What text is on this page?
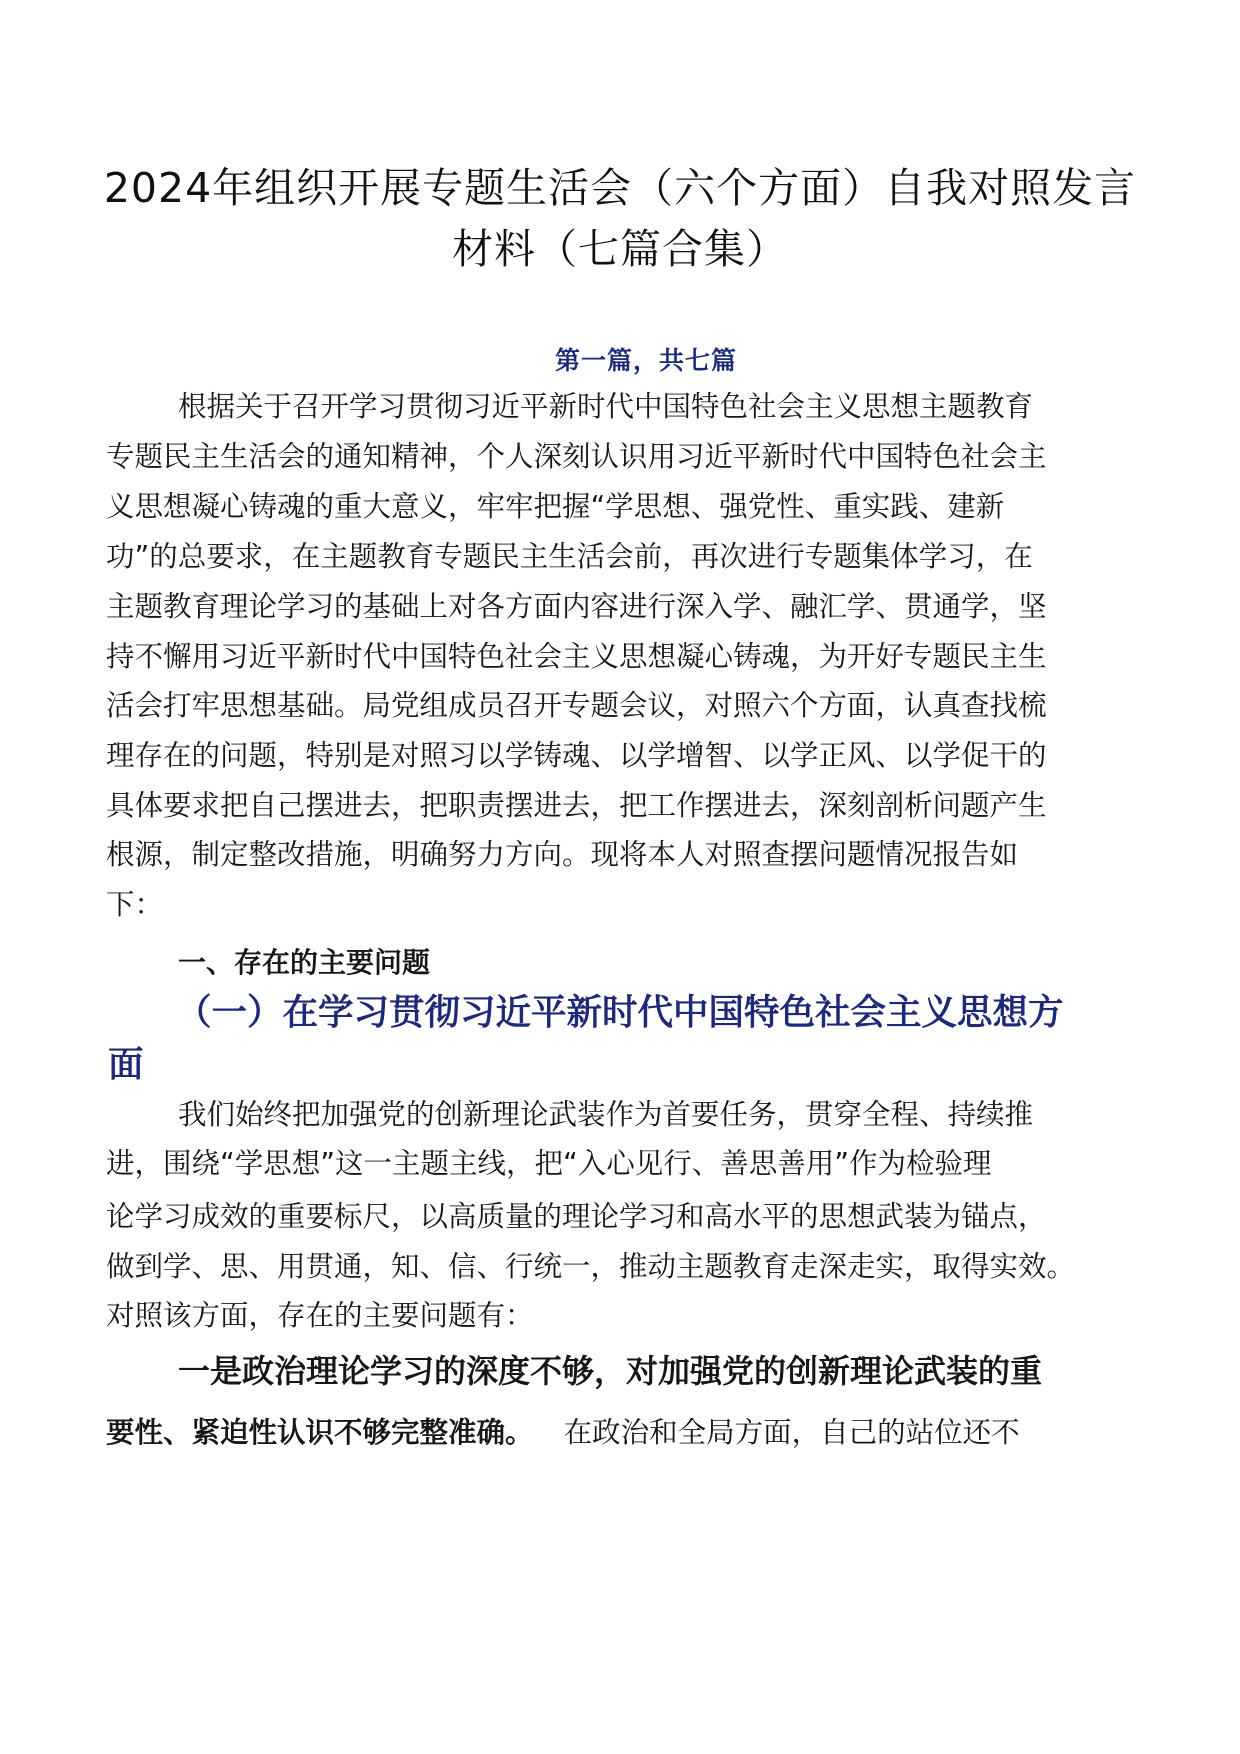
2024年组织开展专题生活会（六个方面）自我对照发言
材料（七篇合集）
第一篇，共七篇
根据关于召开学习贯彻习近平新时代中国特色社会主义思想主题教育
专题民主生活会的通知精神，个人深刻认识用习近平新时代中国特色社会主
义思想凝心铸魂的重大意义，牢牢把握“学思想、强党性、重实践、建新
功”的总要求，在主题教育专题民主生活会前，再次进行专题集体学习，在
主题教育理论学习的基础上对各方面内容进行深入学、融汇学、贯通学，坚
持不懈用习近平新时代中国特色社会主义思想凝心铸魂，为开好专题民主生
活会打牢思想基础。局党组成员召开专题会议，对照六个方面，认真查找梳
理存在的问题，特别是对照习以学铸魂、以学增智、以学正风、以学促干的
具体要求把自己摆进去，把职责摆进去，把工作摆进去，深刻剖析问题产生
根源，制定整改措施，明确努力方向。现将本人对照查摆问题情况报告如
下：
一、存在的主要问题
（一）在学习贯彻习近平新时代中国特色社会主义思想方
面
我们始终把加强党的创新理论武装作为首要任务，贯穿全程、持续推
进，围绕“学思想”这一主题主线，把“入心见行、善思善用”作为检验理
论学习成效的重要标尺，以高质量的理论学习和高水平的思想武装为锚点，
做到学、思、用贯通，知、信、行统一，推动主题教育走深走实，取得实效。
对照该方面，存在的主要问题有：
一是政治理论学习的深度不够，对加强党的创新理论武装的重
要性、紧迫性认识不够完整准确。 在政治和全局方面，自己的站位还不
